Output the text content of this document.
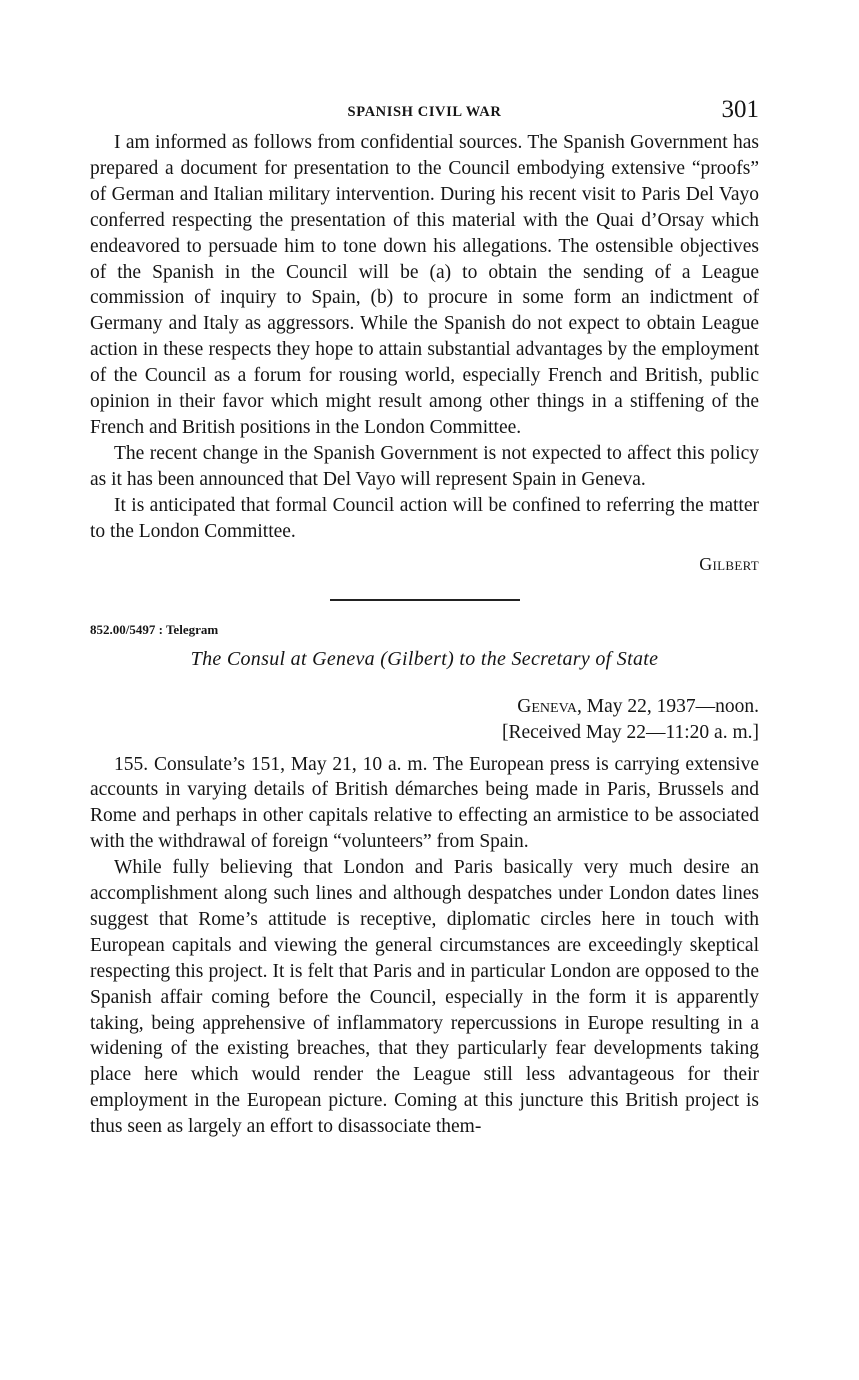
SPANISH CIVIL WAR	301

I am informed as follows from confidential sources. The Spanish Government has prepared a document for presentation to the Council embodying extensive “proofs” of German and Italian military intervention. During his recent visit to Paris Del Vayo conferred respecting the presentation of this material with the Quai d’Orsay which endeavored to persuade him to tone down his allegations. The ostensible objectives of the Spanish in the Council will be (a) to obtain the sending of a League commission of inquiry to Spain, (b) to procure in some form an indictment of Germany and Italy as aggressors. While the Spanish do not expect to obtain League action in these respects they hope to attain substantial advantages by the employment of the Council as a forum for rousing world, especially French and British, public opinion in their favor which might result among other things in a stiffening of the French and British positions in the London Committee.

The recent change in the Spanish Government is not expected to affect this policy as it has been announced that Del Vayo will represent Spain in Geneva.

It is anticipated that formal Council action will be confined to referring the matter to the London Committee.

Gilbert
852.00/5497 : Telegram
The Consul at Geneva (Gilbert) to the Secretary of State
Geneva, May 22, 1937—noon.
[Received May 22—11:20 a. m.]

155. Consulate’s 151, May 21, 10 a. m. The European press is carrying extensive accounts in varying details of British démarches being made in Paris, Brussels and Rome and perhaps in other capitals relative to effecting an armistice to be associated with the withdrawal of foreign “volunteers” from Spain.

While fully believing that London and Paris basically very much desire an accomplishment along such lines and although despatches under London dates lines suggest that Rome’s attitude is receptive, diplomatic circles here in touch with European capitals and viewing the general circumstances are exceedingly skeptical respecting this project. It is felt that Paris and in particular London are opposed to the Spanish affair coming before the Council, especially in the form it is apparently taking, being apprehensive of inflammatory repercussions in Europe resulting in a widening of the existing breaches, that they particularly fear developments taking place here which would render the League still less advantageous for their employment in the European picture. Coming at this juncture this British project is thus seen as largely an effort to disassociate them-
